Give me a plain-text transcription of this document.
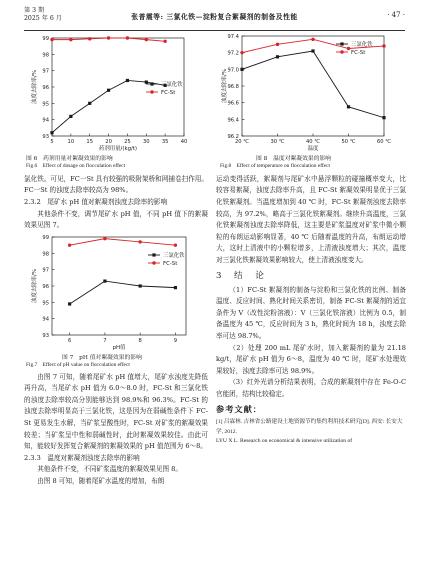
第 3 期
2025 年 6 月	张普震等: 三氯化铁—淀粉复合絮凝剂的制备及性能	· 47 ·
93
94
95
96
97
98
99
5	10 15 20 25 30 35 40
药剂用量/(kg/t)
浊度去除率/%	三氯化铁
FC-St
图 6　药剂用量对絮凝效果的影响
Fig.6　Effect of dosage on flocculation effect

氯化铁。可见，FC一St 具有较强的吸附架桥和网捕卷扫作用。FC一St 的浊度去除率较高为 98%。

2.3.2　尾矿水 pH 值对絮凝剂浊度去除率的影响

其他条件不变，调节尾矿水 pH 值，不同 pH 值下的絮凝效果见图 7。

93
94
95
96
97
98
99
6	7	8	9
pH值
浊度去除率/%
三氯化铁
FC-St
图 7　pH 值对絮凝效果的影响
Fig.7　Effect of pH value on flocculation effect

由图 7 可知，随着尾矿水 pH 值增大，尾矿水浊度先降低再升高，当尾矿水 pH 值为 6.0～8.0 时，FC-St 和三氯化铁的浊度去除率较高分别能够达到 98.9%和 96.3%。FC-St 的浊度去除率明显高于三氯化铁，这是因为在弱碱性条件下 FC-St 更易发生水解，当矿浆呈酸性时，FC-St 对矿浆的絮凝效果较差；当矿浆呈中性和弱碱性时，此时絮凝效果较佳。由此可知，能较好发挥复合絮凝剂的絮凝效果的 pH 值范围为 6～8。

2.3.3　温度对絮凝剂浊度去除率的影响

其他条件不变，不同矿浆温度的絮凝效果见图 8。

由图 8 可知，随着尾矿水温度的增加，布朗

96.2
96.4
96.6
96.8
97.0
97.2
97.4
20 ℃	30 ℃	40 ℃	50 ℃	60 ℃
温度
浊度去除率/%
三氯化铁
FC-St
图 8　温度对絮凝效果的影响
Fig.8　Effect of temperature on flocculation effect

运动变得活跃，絮凝剂与尾矿水中悬浮颗粒的碰撞概率变大，比较容易絮凝，浊度去除率升高，且 FC-St 絮凝效果明显优于三氯化铁絮凝剂。当温度增加到 40 ℃ 时，FC-St 絮凝剂浊度去除率较高，为 97.2%，略高于三氯化铁絮凝剂。继续升高温度，三氯化铁絮凝剂浊度去除率降低，这主要是矿浆温度对矿浆中微小颗粒的布朗运动影响显著，40 ℃ 后随着温度的升高，布朗运动增大，这时上清液中的小颗粒增多，上清液浊度增大；其次，温度对三氯化铁絮凝效果影响较大，使上清液浊度变大。

3　结　论

（1）FC-St 絮凝剂的制备与淀粉和三氯化铁的比例、制备温度、反应时间、熟化时间关系密切，制备 FC-St 絮凝剂的适宜条件为 V（改性淀粉溶液）：V（三氯化铁溶液）比例为 0.5，制备温度为 45 ℃，反应时间为 3 h，熟化时间为 18 h，浊度去除率可达 98.7%。

（2）处理 200 mL 尾矿水时，加入絮凝剂的量为 21.18 kg/t，尾矿水 pH 值为 6～8，温度为 40 ℃ 时，尾矿水处理效果较好，浊度去除率可达 98.9%。

（3）红外光谱分析结果表明，合成的絮凝剂中存在 Fe-O-C 官能团，结构比较稳定。

参考文献：

[1] 吕霖林. 吉林省公路建设土地资源节约集约利用技术研究[D]. 西安: 长安大学, 2012.

LYU X L. Research on economical & intensive utilization of
